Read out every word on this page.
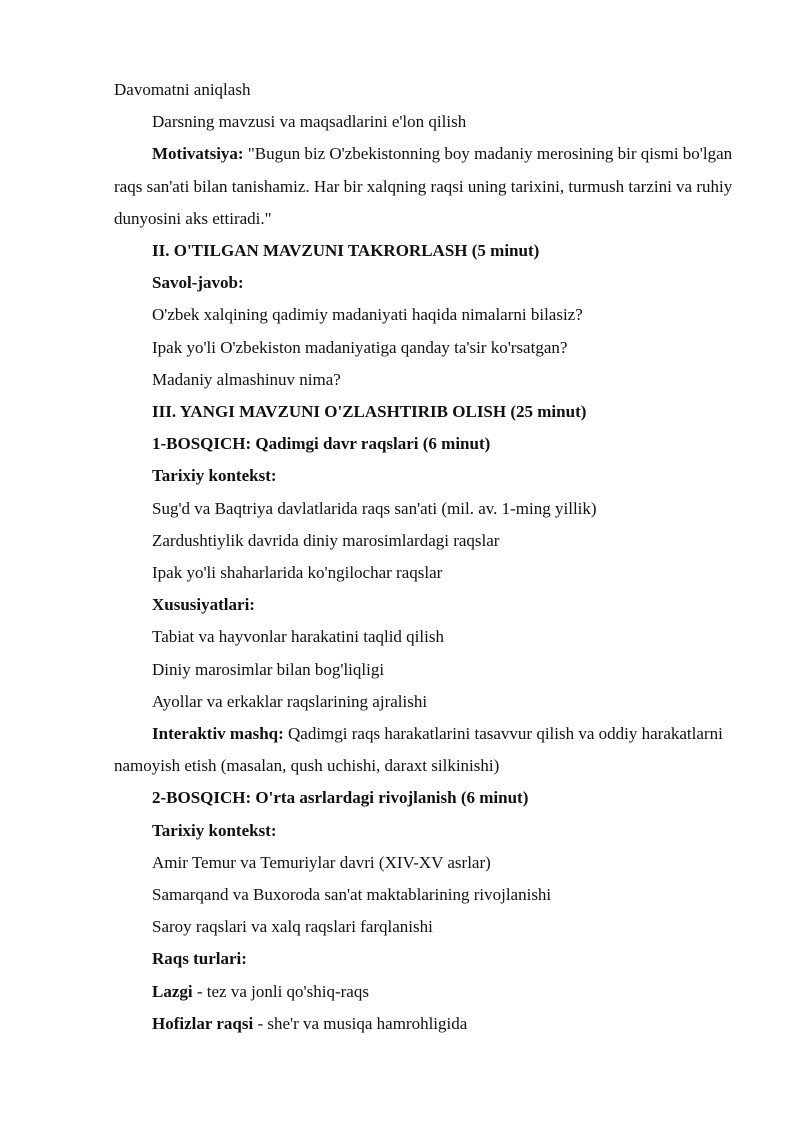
Davomatni aniqlash
Darsning mavzusi va maqsadlarini e'lon qilish
Motivatsiya: "Bugun biz O'zbekistonning boy madaniy merosining bir qismi bo'lgan raqs san'ati bilan tanishamiz. Har bir xalqning raqsi uning tarixini, turmush tarzini va ruhiy dunyosini aks ettiradi."
II. O'TILGAN MAVZUNI TAKRORLASH (5 minut)
Savol-javob:
O'zbek xalqining qadimiy madaniyati haqida nimalarni bilasiz?
Ipak yo'li O'zbekiston madaniyatiga qanday ta'sir ko'rsatgan?
Madaniy almashinuv nima?
III. YANGI MAVZUNI O'ZLASHTIRIB OLISH (25 minut)
1-BOSQICH: Qadimgi davr raqslari (6 minut)
Tarixiy kontekst:
Sug'd va Baqtriya davlatlarida raqs san'ati (mil. av. 1-ming yillik)
Zardushtiylik davrida diniy marosimlardagi raqslar
Ipak yo'li shaharlarida ko'ngilochar raqslar
Xususiyatlari:
Tabiat va hayvonlar harakatini taqlid qilish
Diniy marosimlar bilan bog'liqligi
Ayollar va erkaklar raqslarining ajralishi
Interaktiv mashq: Qadimgi raqs harakatlarini tasavvur qilish va oddiy harakatlarni namoyish etish (masalan, qush uchishi, daraxt silkinishi)
2-BOSQICH: O'rta asrlardagi rivojlanish (6 minut)
Tarixiy kontekst:
Amir Temur va Temuriylar davri (XIV-XV asrlar)
Samarqand va Buxoroda san'at maktablarining rivojlanishi
Saroy raqslari va xalq raqslari farqlanishi
Raqs turlari:
Lazgi - tez va jonli qo'shiq-raqs
Hofizlar raqsi - she'r va musiqa hamrohligida
